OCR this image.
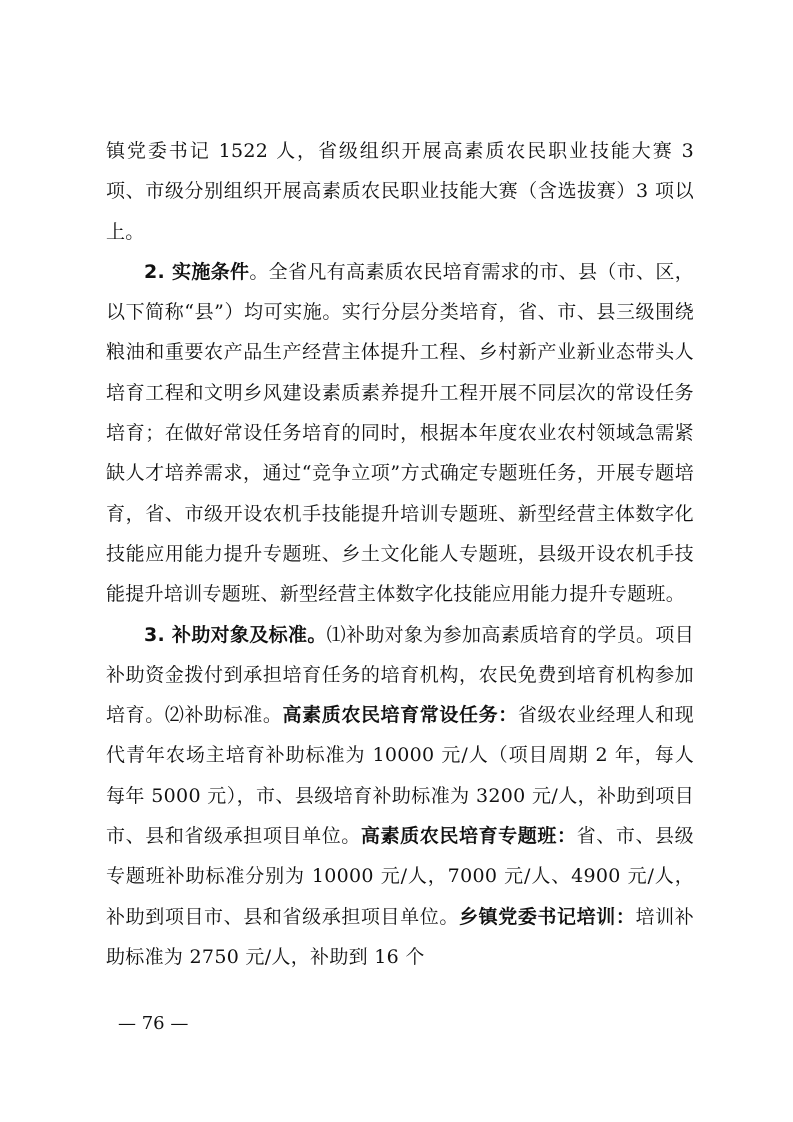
镇党委书记 1522 人，省级组织开展高素质农民职业技能大赛 3 项、市级分别组织开展高素质农民职业技能大赛（含选拔赛）3 项以上。

2. 实施条件。全省凡有高素质农民培育需求的市、县（市、区，以下简称“县”）均可实施。实行分层分类培育，省、市、县三级围绕粮油和重要农产品生产经营主体提升工程、乡村新产业新业态带头人培育工程和文明乡风建设素质素养提升工程开展不同层次的常设任务培育；在做好常设任务培育的同时，根据本年度农业农村领域急需紧缺人才培养需求，通过“竞争立项”方式确定专题班任务，开展专题培育，省、市级开设农机手技能提升培训专题班、新型经营主体数字化技能应用能力提升专题班、乡土文化能人专题班，县级开设农机手技能提升培训专题班、新型经营主体数字化技能应用能力提升专题班。

3. 补助对象及标准。⑴补助对象为参加高素质培育的学员。项目补助资金拨付到承担培育任务的培育机构，农民免费到培育机构参加培育。⑵补助标准。高素质农民培育常设任务：省级农业经理人和现代青年农场主培育补助标准为 10000 元/人（项目周期 2 年，每人每年 5000 元），市、县级培育补助标准为 3200 元/人，补助到项目市、县和省级承担项目单位。高素质农民培育专题班：省、市、县级专题班补助标准分别为 10000 元/人，7000 元/人、4900 元/人，补助到项目市、县和省级承担项目单位。乡镇党委书记培训：培训补助标准为 2750 元/人，补助到 16 个

— 76 —
